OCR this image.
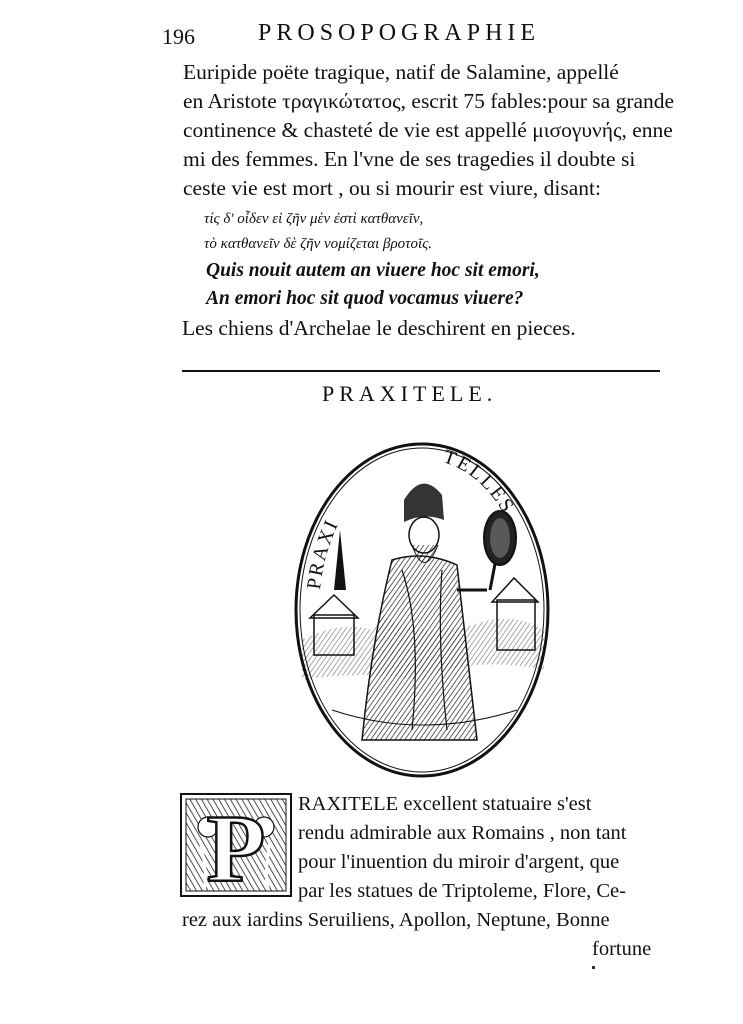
196	PROSOPOGRAPHIE
Euripide poëte tragique, natif de Salamine, appellé
en Aristote τραγικώτατος, escrit 75 fables:pour sa grande
continence & chasteté de vie est appellé μισογυνής, enne
mi des femmes. En l'vne de ses tragedies il doubte si
ceste vie est mort , ou si mourir est viure, disant:
τίς δ' οἶδεν εἰ ζῆν μὲν ἐστὶ κατθανεῖν,
τὸ κατθανεῖν δὲ ζῆν νομίζεται βροτοῖς.
Quis nouit autem an viuere hoc sit emori,
An emori hoc sit quod vocamus viuere?
Les chiens d'Archelae le deschirent en pieces.
PRAXITELE.
PRAXI
TELLES
P RAXITELE excellent statuaire s'est
rendu admirable aux Romains , non tant
pour l'inuention du miroir d'argent, que
par les statues de Triptoleme, Flore, Ce-
rez aux iardins Seruiliens, Apollon, Neptune, Bonne
fortune
